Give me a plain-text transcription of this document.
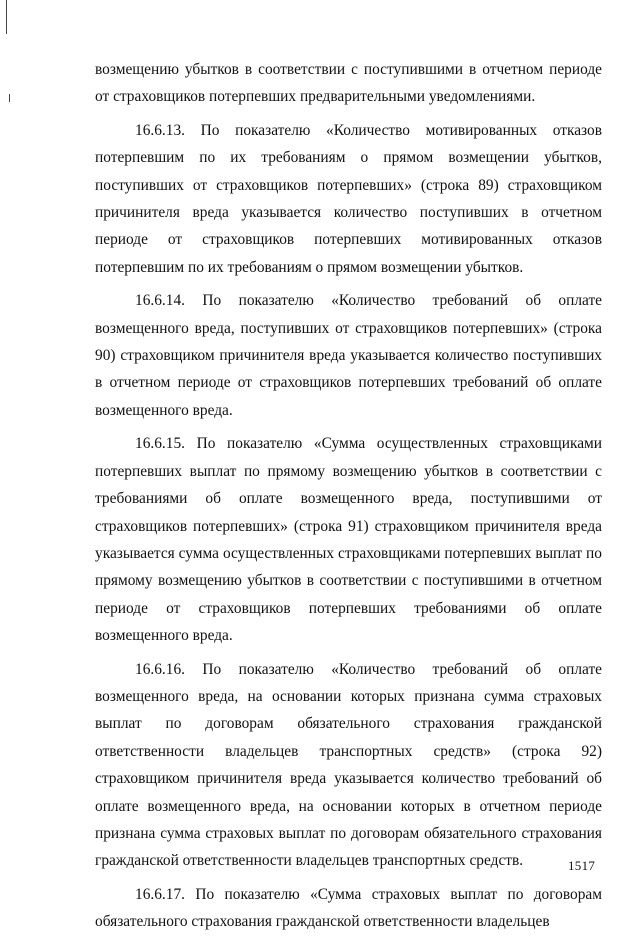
возмещению убытков в соответствии с поступившими в отчетном периоде от страховщиков потерпевших предварительными уведомлениями.

16.6.13. По показателю «Количество мотивированных отказов потерпевшим по их требованиям о прямом возмещении убытков, поступивших от страховщиков потерпевших» (строка 89) страховщиком причинителя вреда указывается количество поступивших в отчетном периоде от страховщиков потерпевших мотивированных отказов потерпевшим по их требованиям о прямом возмещении убытков.

16.6.14. По показателю «Количество требований об оплате возмещенного вреда, поступивших от страховщиков потерпевших» (строка 90) страховщиком причинителя вреда указывается количество поступивших в отчетном периоде от страховщиков потерпевших требований об оплате возмещенного вреда.

16.6.15. По показателю «Сумма осуществленных страховщиками потерпевших выплат по прямому возмещению убытков в соответствии с требованиями об оплате возмещенного вреда, поступившими от страховщиков потерпевших» (строка 91) страховщиком причинителя вреда указывается сумма осуществленных страховщиками потерпевших выплат по прямому возмещению убытков в соответствии с поступившими в отчетном периоде от страховщиков потерпевших требованиями об оплате возмещенного вреда.

16.6.16. По показателю «Количество требований об оплате возмещенного вреда, на основании которых признана сумма страховых выплат по договорам обязательного страхования гражданской ответственности владельцев транспортных средств» (строка 92) страховщиком причинителя вреда указывается количество требований об оплате возмещенного вреда, на основании которых в отчетном периоде признана сумма страховых выплат по договорам обязательного страхования гражданской ответственности владельцев транспортных средств.

16.6.17. По показателю «Сумма страховых выплат по договорам обязательного страхования гражданской ответственности владельцев

1517
